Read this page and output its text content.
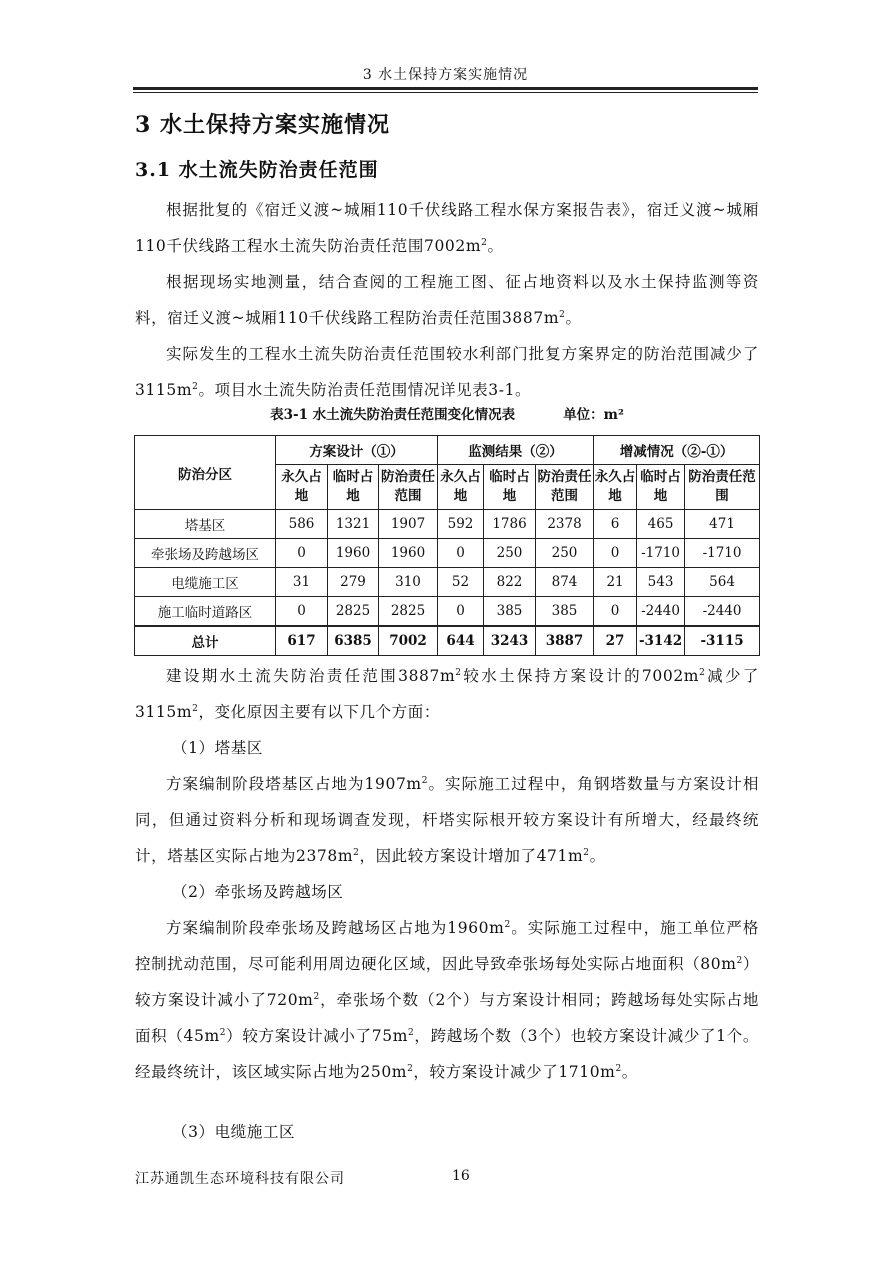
3 水土保持方案实施情况
3 水土保持方案实施情况
3.1 水土流失防治责任范围

根据批复的《宿迁义渡~城厢110千伏线路工程水保方案报告表》，宿迁义渡~城厢110千伏线路工程水土流失防治责任范围$7002m^2$。

根据现场实地测量，结合查阅的工程施工图、征占地资料以及水土保持监测等资料，宿迁义渡~城厢110千伏线路工程防治责任范围$3887m^2$。

实际发生的工程水土流失防治责任范围较水利部门批复方案界定的防治范围减少了$3115m^2$。项目水土流失防治责任范围情况详见表3-1。

表3-1 水土流失防治责任范围变化情况表	单位：m²
防治分区	方案设计（①）			监测结果（②）			增减情况（②-①）		
	永久占地	临时占地	防治责任范围	永久占地	临时占地	防治责任范围	永久占地	临时占地	防治责任范围
塔基区	586	1321	1907	592	1786	2378	6	465	471
牵张场及跨越场区	0	1960	1960	0	250	250	0	-1710	-1710
电缆施工区	31	279	310	52	822	874	21	543	564
施工临时道路区	0	2825	2825	0	385	385	0	-2440	-2440
总计	617	6385	7002	644	3243	3887	27	-3142	-3115

建设期水土流失防治责任范围$3887m^2$较水土保持方案设计的$7002m^2$减少了$3115m^2$，变化原因主要有以下几个方面：

（1）塔基区

方案编制阶段塔基区占地为$1907m^2$。实际施工过程中，角钢塔数量与方案设计相同，但通过资料分析和现场调查发现，杆塔实际根开较方案设计有所增大，经最终统计，塔基区实际占地为$2378m^2$，因此较方案设计增加了$471m^2$。

（2）牵张场及跨越场区

方案编制阶段牵张场及跨越场区占地为$1960m^2$。实际施工过程中，施工单位严格控制扰动范围，尽可能利用周边硬化区域，因此导致牵张场每处实际占地面积$(80m^2)$较方案设计减小了$720m^2$，牵张场个数（2个）与方案设计相同；跨越场每处实际占地面积$(45m^2)$较方案设计减小了$75m^2$，跨越场个数（3个）也较方案设计减少了1个。经最终统计，该区域实际占地为$250m^2$，较方案设计减少了$1710m^2$。

（3）电缆施工区

江苏通凯生态环境科技有限公司	16
